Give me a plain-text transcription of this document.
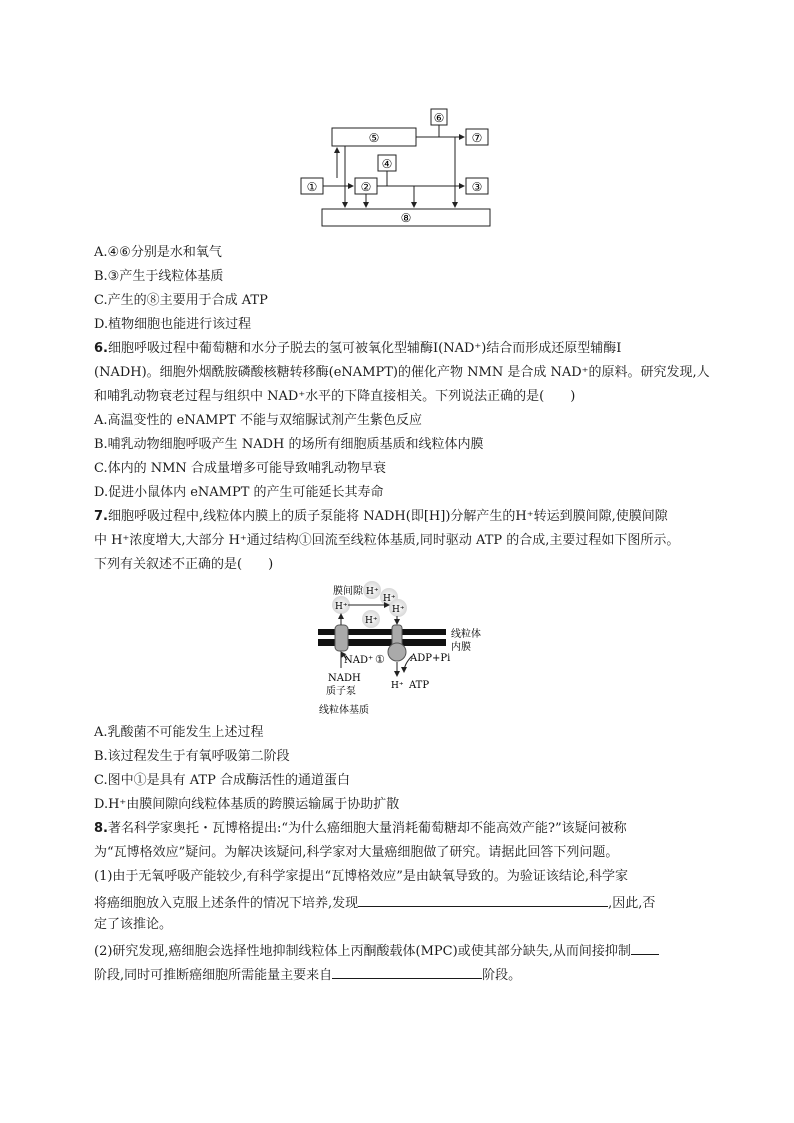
⑤
⑥
⑦
④
①	②	③
⑧
A.④⑥分别是水和氧气
B.③产生于线粒体基质
C.产生的⑧主要用于合成 ATP
D.植物细胞也能进行该过程
6.细胞呼吸过程中葡萄糖和水分子脱去的氢可被氧化型辅酶Ⅰ(NAD⁺)结合而形成还原型辅酶Ⅰ
(NADH)。细胞外烟酰胺磷酸核糖转移酶(eNAMPT)的催化产物 NMN 是合成 NAD⁺的原料。研究发现,人
和哺乳动物衰老过程与组织中 NAD⁺水平的下降直接相关。下列说法正确的是(　　)
A.高温变性的 eNAMPT 不能与双缩脲试剂产生紫色反应
B.哺乳动物细胞呼吸产生 NADH 的场所有细胞质基质和线粒体内膜
C.体内的 NMN 合成量增多可能导致哺乳动物早衰
D.促进小鼠体内 eNAMPT 的产生可能延长其寿命
7.细胞呼吸过程中,线粒体内膜上的质子泵能将 NADH(即[H])分解产生的H⁺转运到膜间隙,使膜间隙
中 H⁺浓度增大,大部分 H⁺通过结构①回流至线粒体基质,同时驱动 ATP 的合成,主要过程如下图所示。
下列有关叙述不正确的是(　　)
膜间隙
H⁺
H⁺
H⁺
H⁺
H⁺
线粒体
内膜
NAD⁺ ①	ADP+Pi
NADH
质子泵	H⁺ ATP
线粒体基质
A.乳酸菌不可能发生上述过程
B.该过程发生于有氧呼吸第二阶段
C.图中①是具有 ATP 合成酶活性的通道蛋白
D.H⁺由膜间隙向线粒体基质的跨膜运输属于协助扩散
8.著名科学家奥托・瓦博格提出:“为什么癌细胞大量消耗葡萄糖却不能高效产能?”该疑问被称
为“瓦博格效应”疑问。为解决该疑问,科学家对大量癌细胞做了研究。请据此回答下列问题。
(1)由于无氧呼吸产能较少,有科学家提出“瓦博格效应”是由缺氧导致的。为验证该结论,科学家
将癌细胞放入克服上述条件的情况下培养,发现	,因此,否
定了该推论。
(2)研究发现,癌细胞会选择性地抑制线粒体上丙酮酸载体(MPC)或使其部分缺失,从而间接抑制
阶段,同时可推断癌细胞所需能量主要来自	阶段。
